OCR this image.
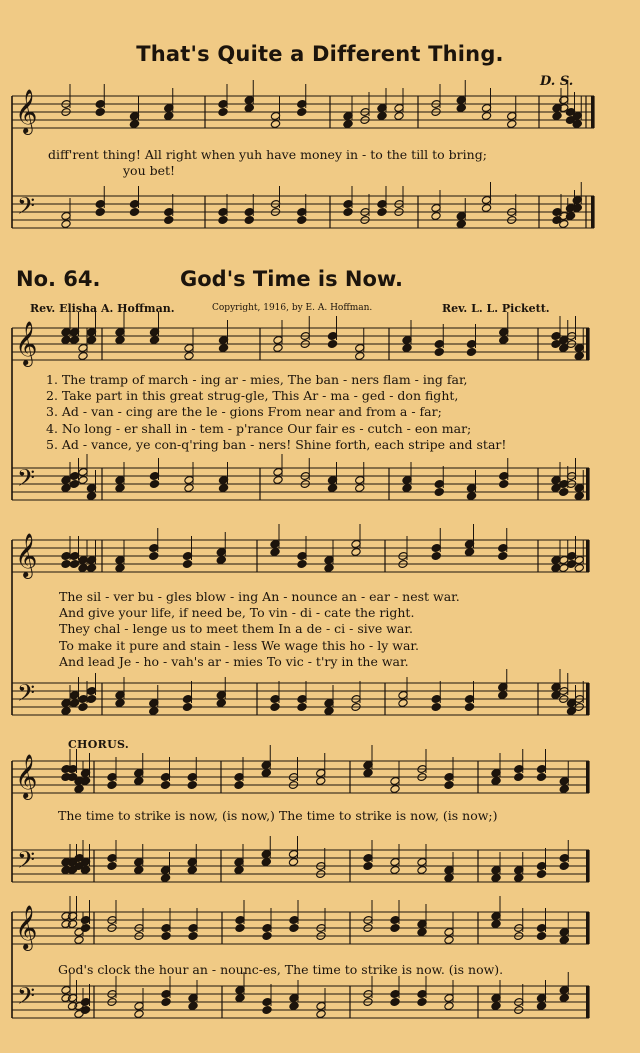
That's Quite a Different Thing.
D. S.
diff'rent thing! All right when yuh have money in - to the till to bring;
you bet!
No. 64.	God's Time is Now.
Rev. Elisha A. Hoffman.	Copyright, 1916, by E. A. Hoffman.	Rev. L. L. Pickett.
1. The tramp of march - ing ar - mies, The ban - ners flam - ing far,
2. Take part in this great strug-gle, This Ar - ma - ged - don fight,
3. Ad - van - cing are the le - gions From near and from a - far;
4. No long - er shall in - tem - p'rance Our fair es - cutch - eon mar;
5. Ad - vance, ye con-q'ring ban - ners! Shine forth, each stripe and star!
The sil - ver bu - gles blow - ing An - nounce an - ear - nest war.
And give your life, if need be, To vin - di - cate the right.
They chal - lenge us to meet them In a de - ci - sive war.
To make it pure and stain - less We wage this ho - ly war.
And lead Je - ho - vah's ar - mies To vic - t'ry in the war.
CHORUS.
The time to strike is now, (is now,) The time to strike is now, (is now;)
God's clock the hour an - nounc-es, The time to strike is now. (is now).
𝄞
𝄢
𝄞
𝄢
𝄞
𝄢
𝄞
𝄢
𝄞
𝄢
